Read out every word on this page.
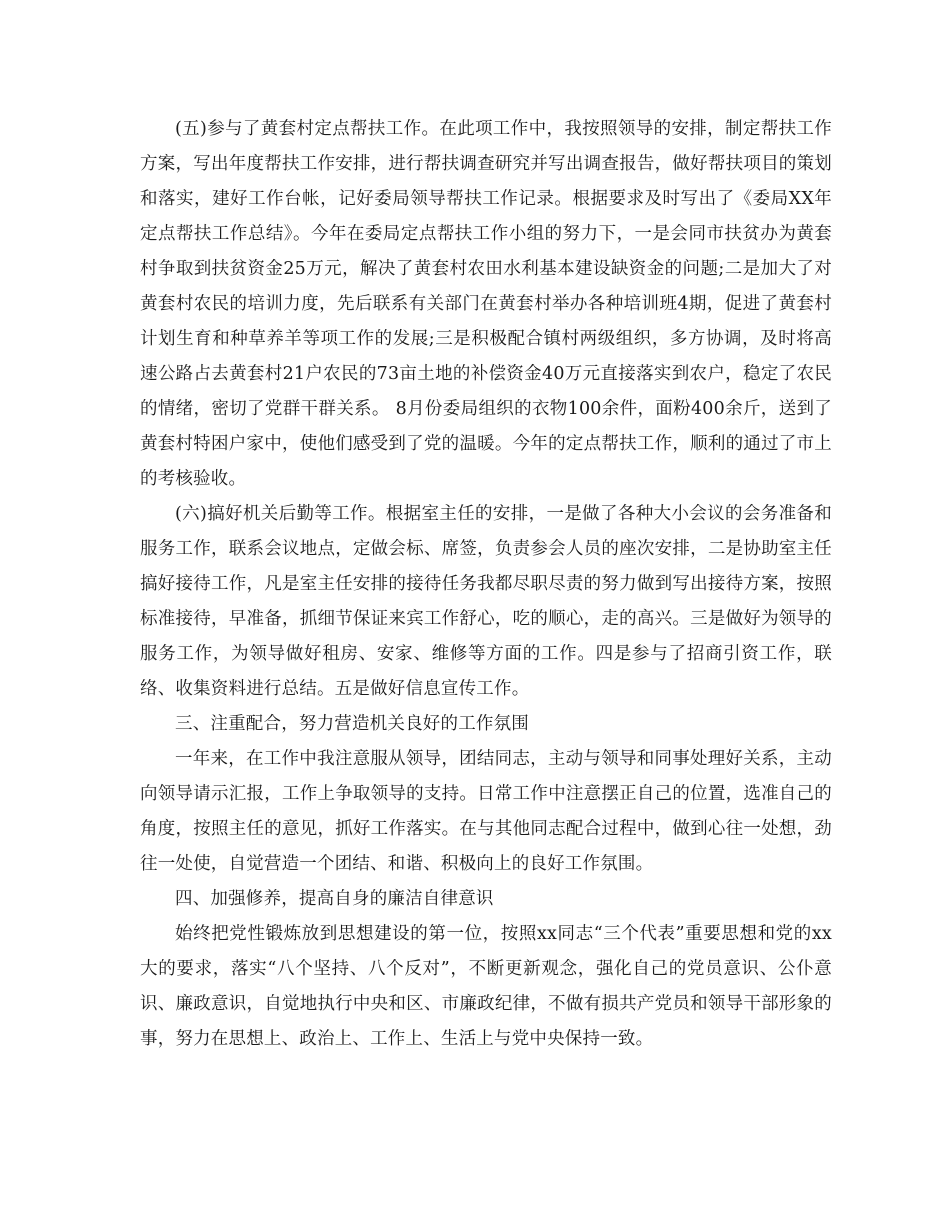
(五)参与了黄套村定点帮扶工作。在此项工作中，我按照领导的安排，制定帮扶工作方案，写出年度帮扶工作安排，进行帮扶调查研究并写出调查报告，做好帮扶项目的策划和落实，建好工作台帐，记好委局领导帮扶工作记录。根据要求及时写出了《委局XX年定点帮扶工作总结》。今年在委局定点帮扶工作小组的努力下，一是会同市扶贫办为黄套村争取到扶贫资金25万元，解决了黄套村农田水利基本建设缺资金的问题;二是加大了对黄套村农民的培训力度，先后联系有关部门在黄套村举办各种培训班4期，促进了黄套村计划生育和种草养羊等项工作的发展;三是积极配合镇村两级组织，多方协调，及时将高速公路占去黄套村21户农民的73亩土地的补偿资金40万元直接落实到农户，稳定了农民的情绪，密切了党群干群关系。 8月份委局组织的衣物100余件，面粉400余斤，送到了黄套村特困户家中，使他们感受到了党的温暖。今年的定点帮扶工作，顺利的通过了市上的考核验收。

(六)搞好机关后勤等工作。根据室主任的安排，一是做了各种大小会议的会务准备和服务工作，联系会议地点，定做会标、席签，负责参会人员的座次安排，二是协助室主任搞好接待工作，凡是室主任安排的接待任务我都尽职尽责的努力做到写出接待方案，按照标准接待，早准备，抓细节保证来宾工作舒心，吃的顺心，走的高兴。三是做好为领导的服务工作，为领导做好租房、安家、维修等方面的工作。四是参与了招商引资工作，联络、收集资料进行总结。五是做好信息宣传工作。

三、注重配合，努力营造机关良好的工作氛围

一年来，在工作中我注意服从领导，团结同志，主动与领导和同事处理好关系，主动向领导请示汇报，工作上争取领导的支持。日常工作中注意摆正自己的位置，选准自己的角度，按照主任的意见，抓好工作落实。在与其他同志配合过程中，做到心往一处想，劲往一处使，自觉营造一个团结、和谐、积极向上的良好工作氛围。

四、加强修养，提高自身的廉洁自律意识

始终把党性锻炼放到思想建设的第一位，按照xx同志“三个代表”重要思想和党的xx大的要求，落实“八个坚持、八个反对”，不断更新观念，强化自己的党员意识、公仆意识、廉政意识，自觉地执行中央和区、市廉政纪律，不做有损共产党员和领导干部形象的事，努力在思想上、政治上、工作上、生活上与党中央保持一致。
